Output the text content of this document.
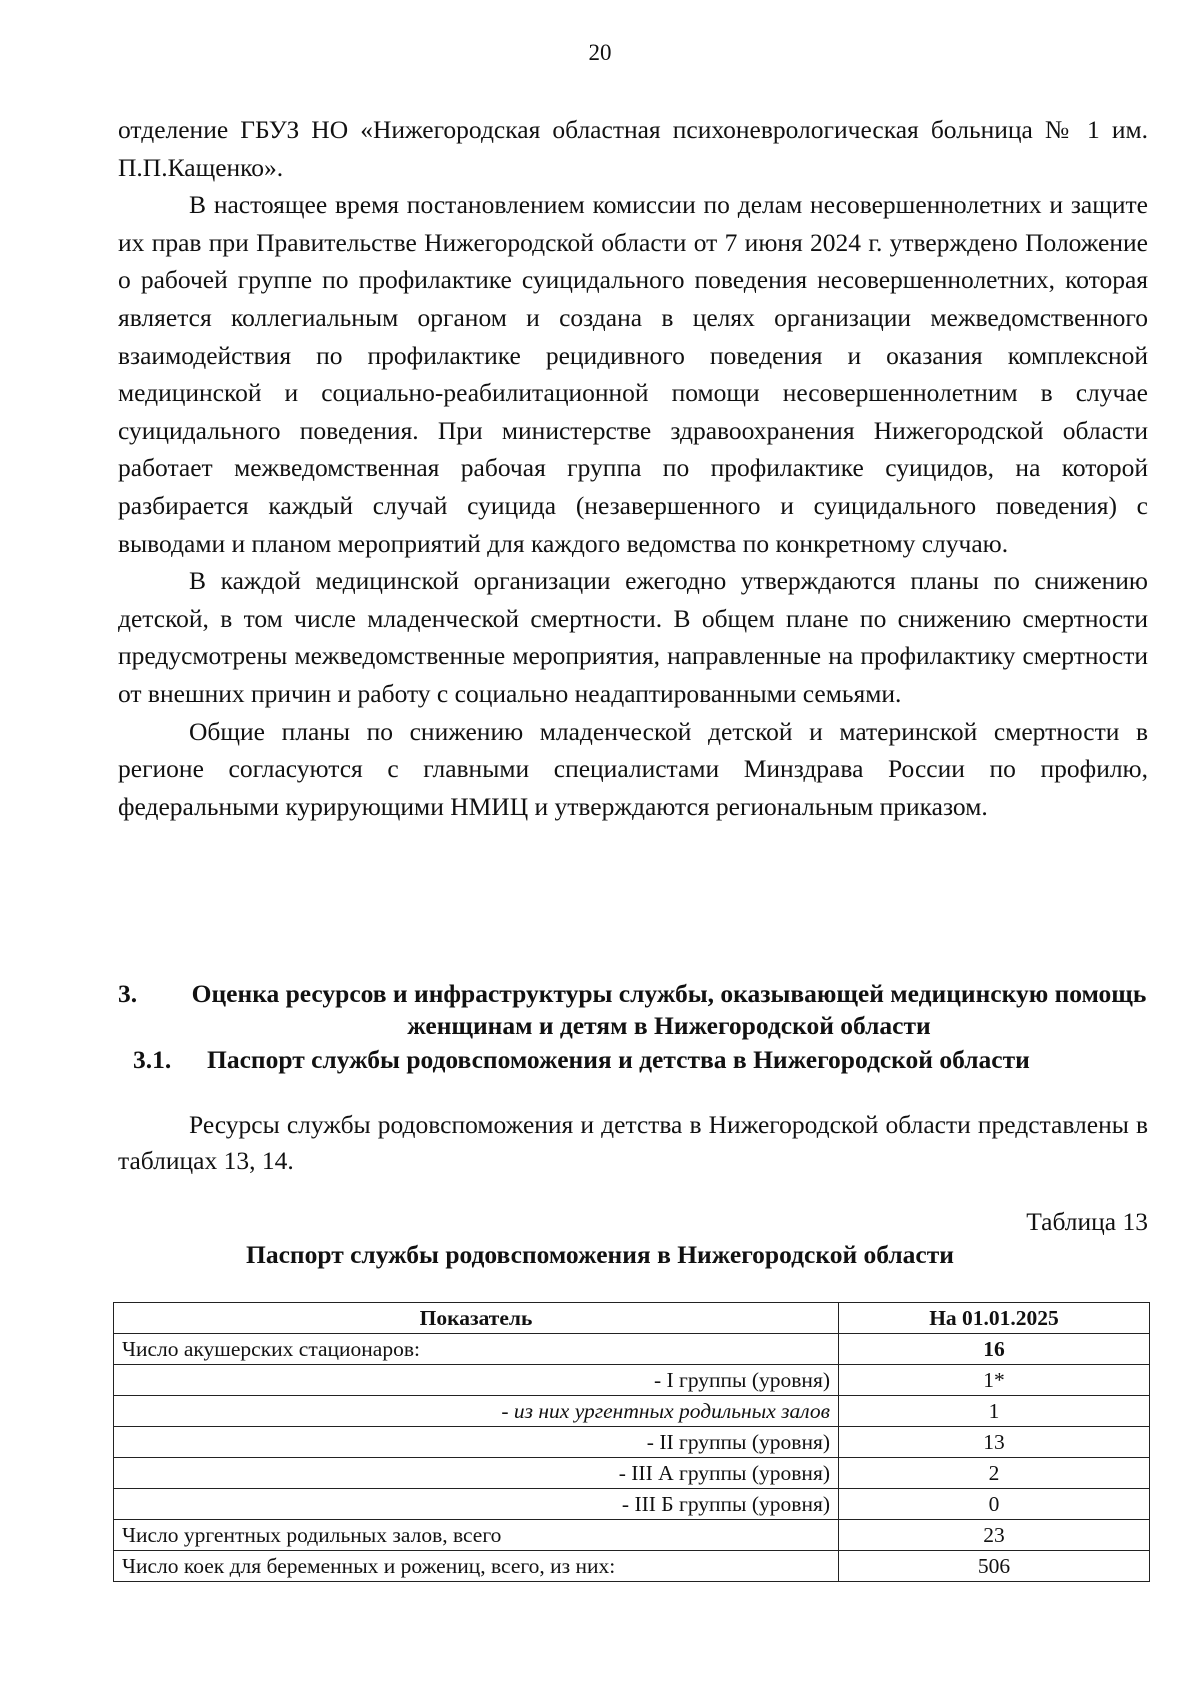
20

отделение ГБУЗ НО «Нижегородская областная психоневрологическая больница № 1 им. П.П.Кащенко».

В настоящее время постановлением комиссии по делам несовершеннолетних и защите их прав при Правительстве Нижегородской области от 7 июня 2024 г. утверждено Положение о рабочей группе по профилактике суицидального поведения несовершеннолетних, которая является коллегиальным органом и создана в целях организации межведомственного взаимодействия по профилактике рецидивного поведения и оказания комплексной медицинской и социально-реабилитационной помощи несовершеннолетним в случае суицидального поведения. При министерстве здравоохранения Нижегородской области работает межведомственная рабочая группа по профилактике суицидов, на которой разбирается каждый случай суицида (незавершенного и суицидального поведения) с выводами и планом мероприятий для каждого ведомства по конкретному случаю.

В каждой медицинской организации ежегодно утверждаются планы по снижению детской, в том числе младенческой смертности. В общем плане по снижению смертности предусмотрены межведомственные мероприятия, направленные на профилактику смертности от внешних причин и работу с социально неадаптированными семьями.

Общие планы по снижению младенческой детской и материнской смертности в регионе согласуются с главными специалистами Минздрава России по профилю, федеральными курирующими НМИЦ и утверждаются региональным приказом.

3.	Оценка ресурсов и инфраструктуры службы, оказывающей медицинскую помощь женщинам и детям в Нижегородской области
3.1.	Паспорт службы родовспоможения и детства в Нижегородской области

Ресурсы службы родовспоможения и детства в Нижегородской области представлены в таблицах 13, 14.

Таблица 13
Паспорт службы родовспоможения в Нижегородской области
Показатель	На 01.01.2025
Число акушерских стационаров:	16
- I группы (уровня)	1*
- из них ургентных родильных залов	1
- II группы (уровня)	13
- III А группы (уровня)	2
- III Б группы (уровня)	0
Число ургентных родильных залов, всего	23
Число коек для беременных и рожениц, всего, из них:	506
